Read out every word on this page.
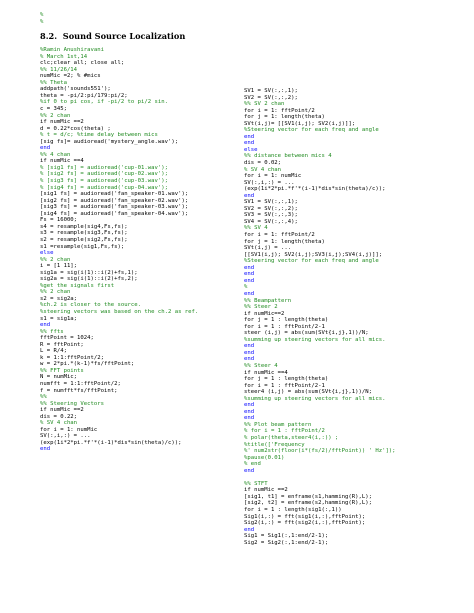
%
%
8.2.  Sound Source Localization
%Ramin Anushiravani
% March 1st,14
clc;clear all; close all;
%% 11/26/14
numMic =2; % #mics
%% Theta
addpath('sounds551');
theta = -pi/2:pi/179:pi/2;
%if 0 to pi cos, if -pi/2 to pi/2 sin.
c = 345;
%% 2 chan
if numMic ==2
d = 0.22*cos(theta) ;
% t = d/c; %time delay between mics
[sig fs]= audioread('mystery_angle.wav');
end
%% 4 chan
if numMic ==4
% [sig1 fs] = audioread('cup-01.wav');
% [sig2 fs] = audioread('cup-02.wav');
% [sig3 fs] = audioread('cup-03.wav');
% [sig4 fs] = audioread('cup-04.wav');
[sig1 fs] = audioread('fan_speaker-01.wav');
[sig2 fs] = audioread('fan_speaker-02.wav');
[sig3 fs] = audioread('fan_speaker-03.wav');
[sig4 fs] = audioread('fan_speaker-04.wav');
Fs = 16000;
s4 = resample(sig4,Fs,fs);
s3 = resample(sig3,Fs,fs);
s2 = resample(sig2,Fs,fs);
s1 =resample(sig1,Fs,fs);
else
%% 2 chan
i = [1 11];
sig1a = sig(i(1)::i(2)+fs,1);
sig2a = sig(i(1)::i(2)+fs,2);
%get the signals first
%% 2 chan
s2 = sig2a;
%ch.2 is closer to the source.
%steering vectors was based on the ch.2 as ref.
s1 = sig1a;
end
%% ffts
fftPoint = 1024;
R = fftPoint;
L = R/4;
k = 1:1:fftPoint/2;
w = 2*pi.*(k-1)*fs/fftPoint;
%% FFT points
N = numMic;
numfft = 1:1:fftPoint/2;
f = numfft*fs/fftPoint;
%%
%% Steering Vectors
if numMic ==2
dis = 0.22;
% SV 4 chan
for i = 1: numMic
SV(:,i,:) = ...
(exp(1i*2*pi.*f'*(i-1)*dis*sin(theta)/c));
end
SV1 = SV(:,:,1);
SV2 = SV(:,:,2);
%% SV 2 chan
for i = 1: fftPoint/2
for j = 1: length(theta)
SVt(i,j)= [[SV1(i,j); SV2(i,j)]];
%Steering vector for each freq and angle
end
end
else
%% distance between mics 4
dis = 0.02;
% SV 4 chan
for i = 1: numMic
SV(:,i,:) = ...
(exp(1i*2*pi.*f'*(i-1)*dis*sin(theta)/c));
end
SV1 = SV(:,:,1);
SV2 = SV(:,:,2);
SV3 = SV(:,:,3);
SV4 = SV(:,:,4);
%% SV 4
for i = 1: fftPoint/2
for j = 1: length(theta)
SVt(i,j) = ...
[[SV1(i,j); SV2(i,j);SV3(i,j);SV4(i,j)]];
%Steering vector for each freq and angle
end
end
end
%
end
%% Beampattern
%% Steer 2
if numMic==2
for j = 1 : length(theta)
for i = 1 : fftPoint/2-1
steer (i,j) = abs(sum(SVt{i,j},1))/N;
%summing up steering vectors for all mics.
end
end
end
%% Steer 4
if numMic ==4
for j = 1 : length(theta)
for i = 1 : fftPoint/2-1
steer4 (i,j) = abs(sum(SVt{i,j},1))/N;
%summing up steering vectors for all mics.
end
end
end
%% Plot beam pattern
% for i = 1 : fftPoint/2
% polar(theta,steer4(i,:)) ;
%title(['Frequency
%' num2str(floor(i*(fs/2)/fftPoint)) ' Hz']);
%pause(0.01)
% end
end
%% STFT
if numMic ==2
[sig1, t1] = enframe(s1,hamming(R),L);
[sig2, t2] = enframe(s2,hamming(R),L);
for i = 1 : length(sig1(:,1))
Sig1(i,:) = fft(sig1(i,:),fftPoint);
Sig2(i,:) = fft(sig2(i,:),fftPoint);
end
Sig1 = Sig1(:,1:end/2-1);
Sig2 = Sig2(:,1:end/2-1);
